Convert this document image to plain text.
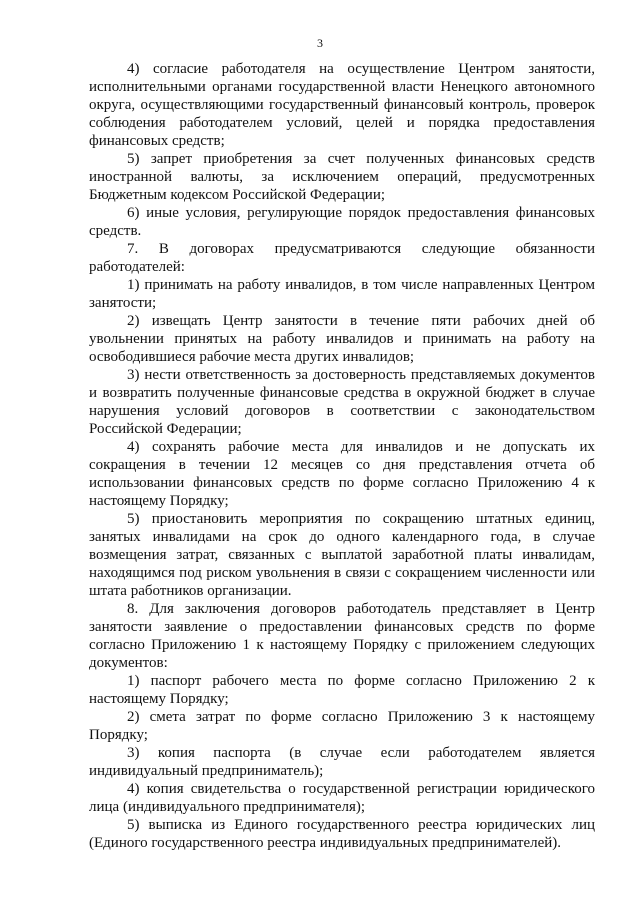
3

4) согласие работодателя на осуществление Центром занятости, исполнительными органами государственной власти Ненецкого автономного округа, осуществляющими государственный финансовый контроль, проверок соблюдения работодателем условий, целей и порядка предоставления финансовых средств;

5) запрет приобретения за счет полученных финансовых средств иностранной валюты, за исключением операций, предусмотренных Бюджетным кодексом Российской Федерации;

6) иные условия, регулирующие порядок предоставления финансовых средств.

7. В договорах предусматриваются следующие обязанности работодателей:

1) принимать на работу инвалидов, в том числе направленных Центром занятости;

2) извещать Центр занятости в течение пяти рабочих дней об увольнении принятых на работу инвалидов и принимать на работу на освободившиеся рабочие места других инвалидов;

3) нести ответственность за достоверность представляемых документов и возвратить полученные финансовые средства в окружной бюджет в случае нарушения условий договоров в соответствии с законодательством Российской Федерации;

4) сохранять рабочие места для инвалидов и не допускать их сокращения в течении 12 месяцев со дня представления отчета об использовании финансовых средств по форме согласно Приложению 4 к настоящему Порядку;

5) приостановить мероприятия по сокращению штатных единиц, занятых инвалидами на срок до одного календарного года, в случае возмещения затрат, связанных с выплатой заработной платы инвалидам, находящимся под риском увольнения в связи с сокращением численности или штата работников организации.

8. Для заключения договоров работодатель представляет в Центр занятости заявление о предоставлении финансовых средств по форме согласно Приложению 1 к настоящему Порядку с приложением следующих документов:

1) паспорт рабочего места по форме согласно Приложению 2 к настоящему Порядку;

2) смета затрат по форме согласно Приложению 3 к настоящему Порядку;

3) копия паспорта (в случае если работодателем является индивидуальный предприниматель);

4) копия свидетельства о государственной регистрации юридического лица (индивидуального предпринимателя);

5) выписка из Единого государственного реестра юридических лиц (Единого государственного реестра индивидуальных предпринимателей).
